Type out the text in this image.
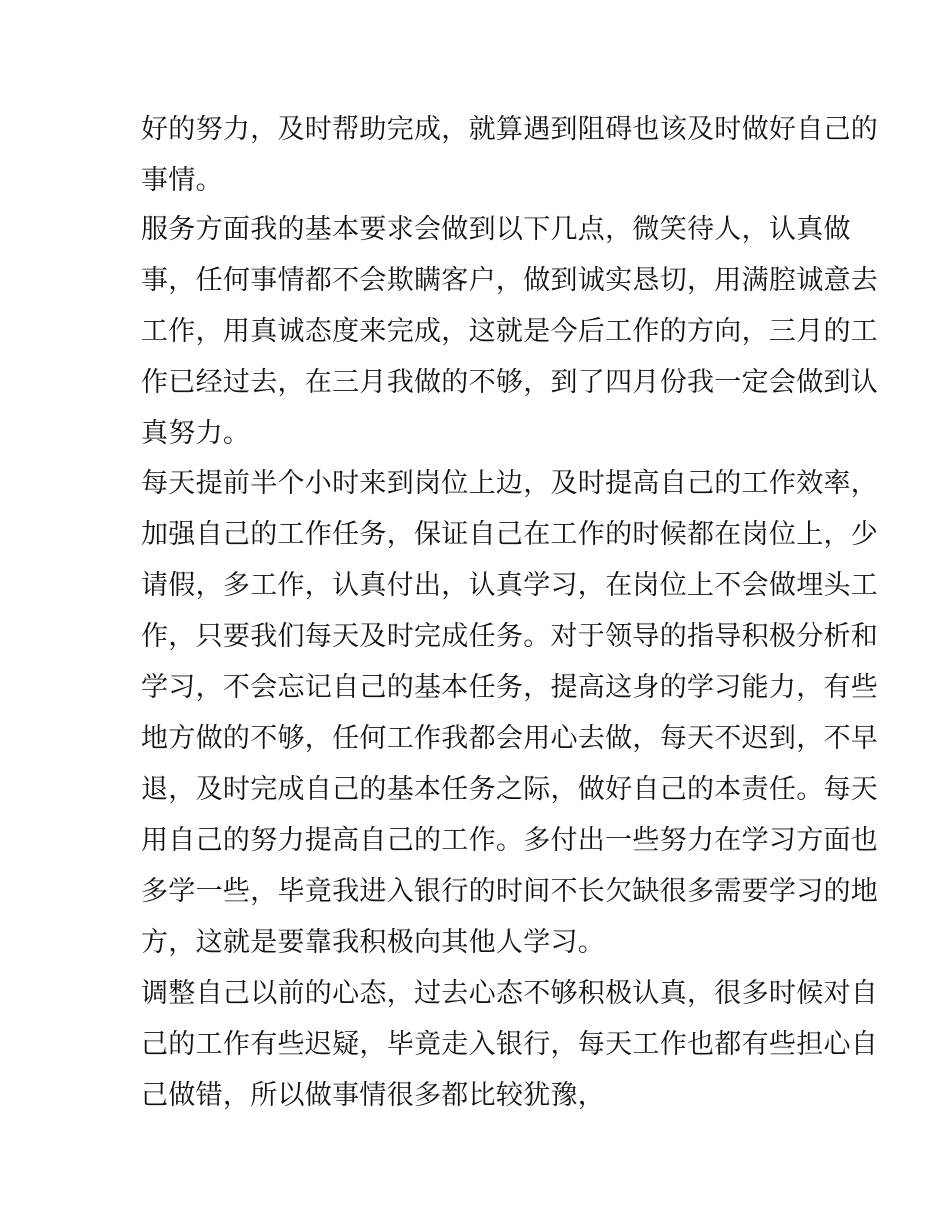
好的努力，及时帮助完成，就算遇到阻碍也该及时做好自己的
事情。
服务方面我的基本要求会做到以下几点，微笑待人，认真做
事，任何事情都不会欺瞒客户，做到诚实恳切，用满腔诚意去
工作，用真诚态度来完成，这就是今后工作的方向，三月的工
作已经过去，在三月我做的不够，到了四月份我一定会做到认
真努力。
每天提前半个小时来到岗位上边，及时提高自己的工作效率，
加强自己的工作任务，保证自己在工作的时候都在岗位上，少
请假，多工作，认真付出，认真学习，在岗位上不会做埋头工
作，只要我们每天及时完成任务。对于领导的指导积极分析和
学习，不会忘记自己的基本任务，提高这身的学习能力，有些
地方做的不够，任何工作我都会用心去做，每天不迟到，不早
退，及时完成自己的基本任务之际，做好自己的本责任。每天
用自己的努力提高自己的工作。多付出一些努力在学习方面也
多学一些，毕竟我进入银行的时间不长欠缺很多需要学习的地
方，这就是要靠我积极向其他人学习。
调整自己以前的心态，过去心态不够积极认真，很多时候对自
己的工作有些迟疑，毕竟走入银行，每天工作也都有些担心自
己做错，所以做事情很多都比较犹豫，
